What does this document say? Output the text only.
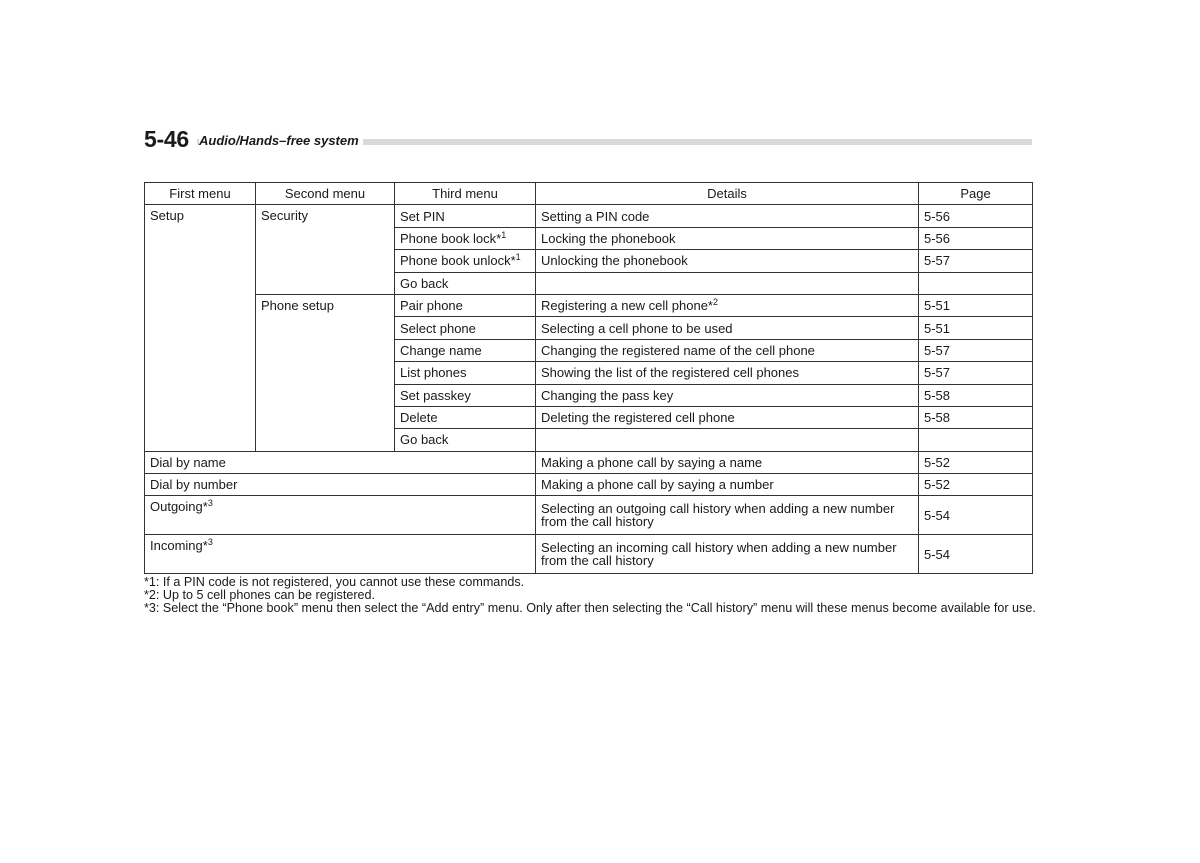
5-46 Audio/Hands–free system
First menu	Second menu	Third menu	Details	Page
Setup	Security	Set PIN	Setting a PIN code	5-56
		Phone book lock*$^1$	Locking the phonebook	5-56
		Phone book unlock*$^1$	Unlocking the phonebook	5-57
		Go back		
	Phone setup	Pair phone	Registering a new cell phone*$^2$	5-51
		Select phone	Selecting a cell phone to be used	5-51
		Change name	Changing the registered name of the cell phone	5-57
		List phones	Showing the list of the registered cell phones	5-57
		Set passkey	Changing the pass key	5-58
		Delete	Deleting the registered cell phone	5-58
		Go back		
Dial by name			Making a phone call by saying a name	5-52
Dial by number			Making a phone call by saying a number	5-52
Outgoing*$^3$			Selecting an outgoing call history when adding a new number from the call history	5-54
Incoming*$^3$			Selecting an incoming call history when adding a new number from the call history	5-54

*1: If a PIN code is not registered, you cannot use these commands.

*2: Up to 5 cell phones can be registered.

*3: Select the “Phone book” menu then select the “Add entry” menu. Only after then selecting the “Call history” menu will these menus become available for use.
